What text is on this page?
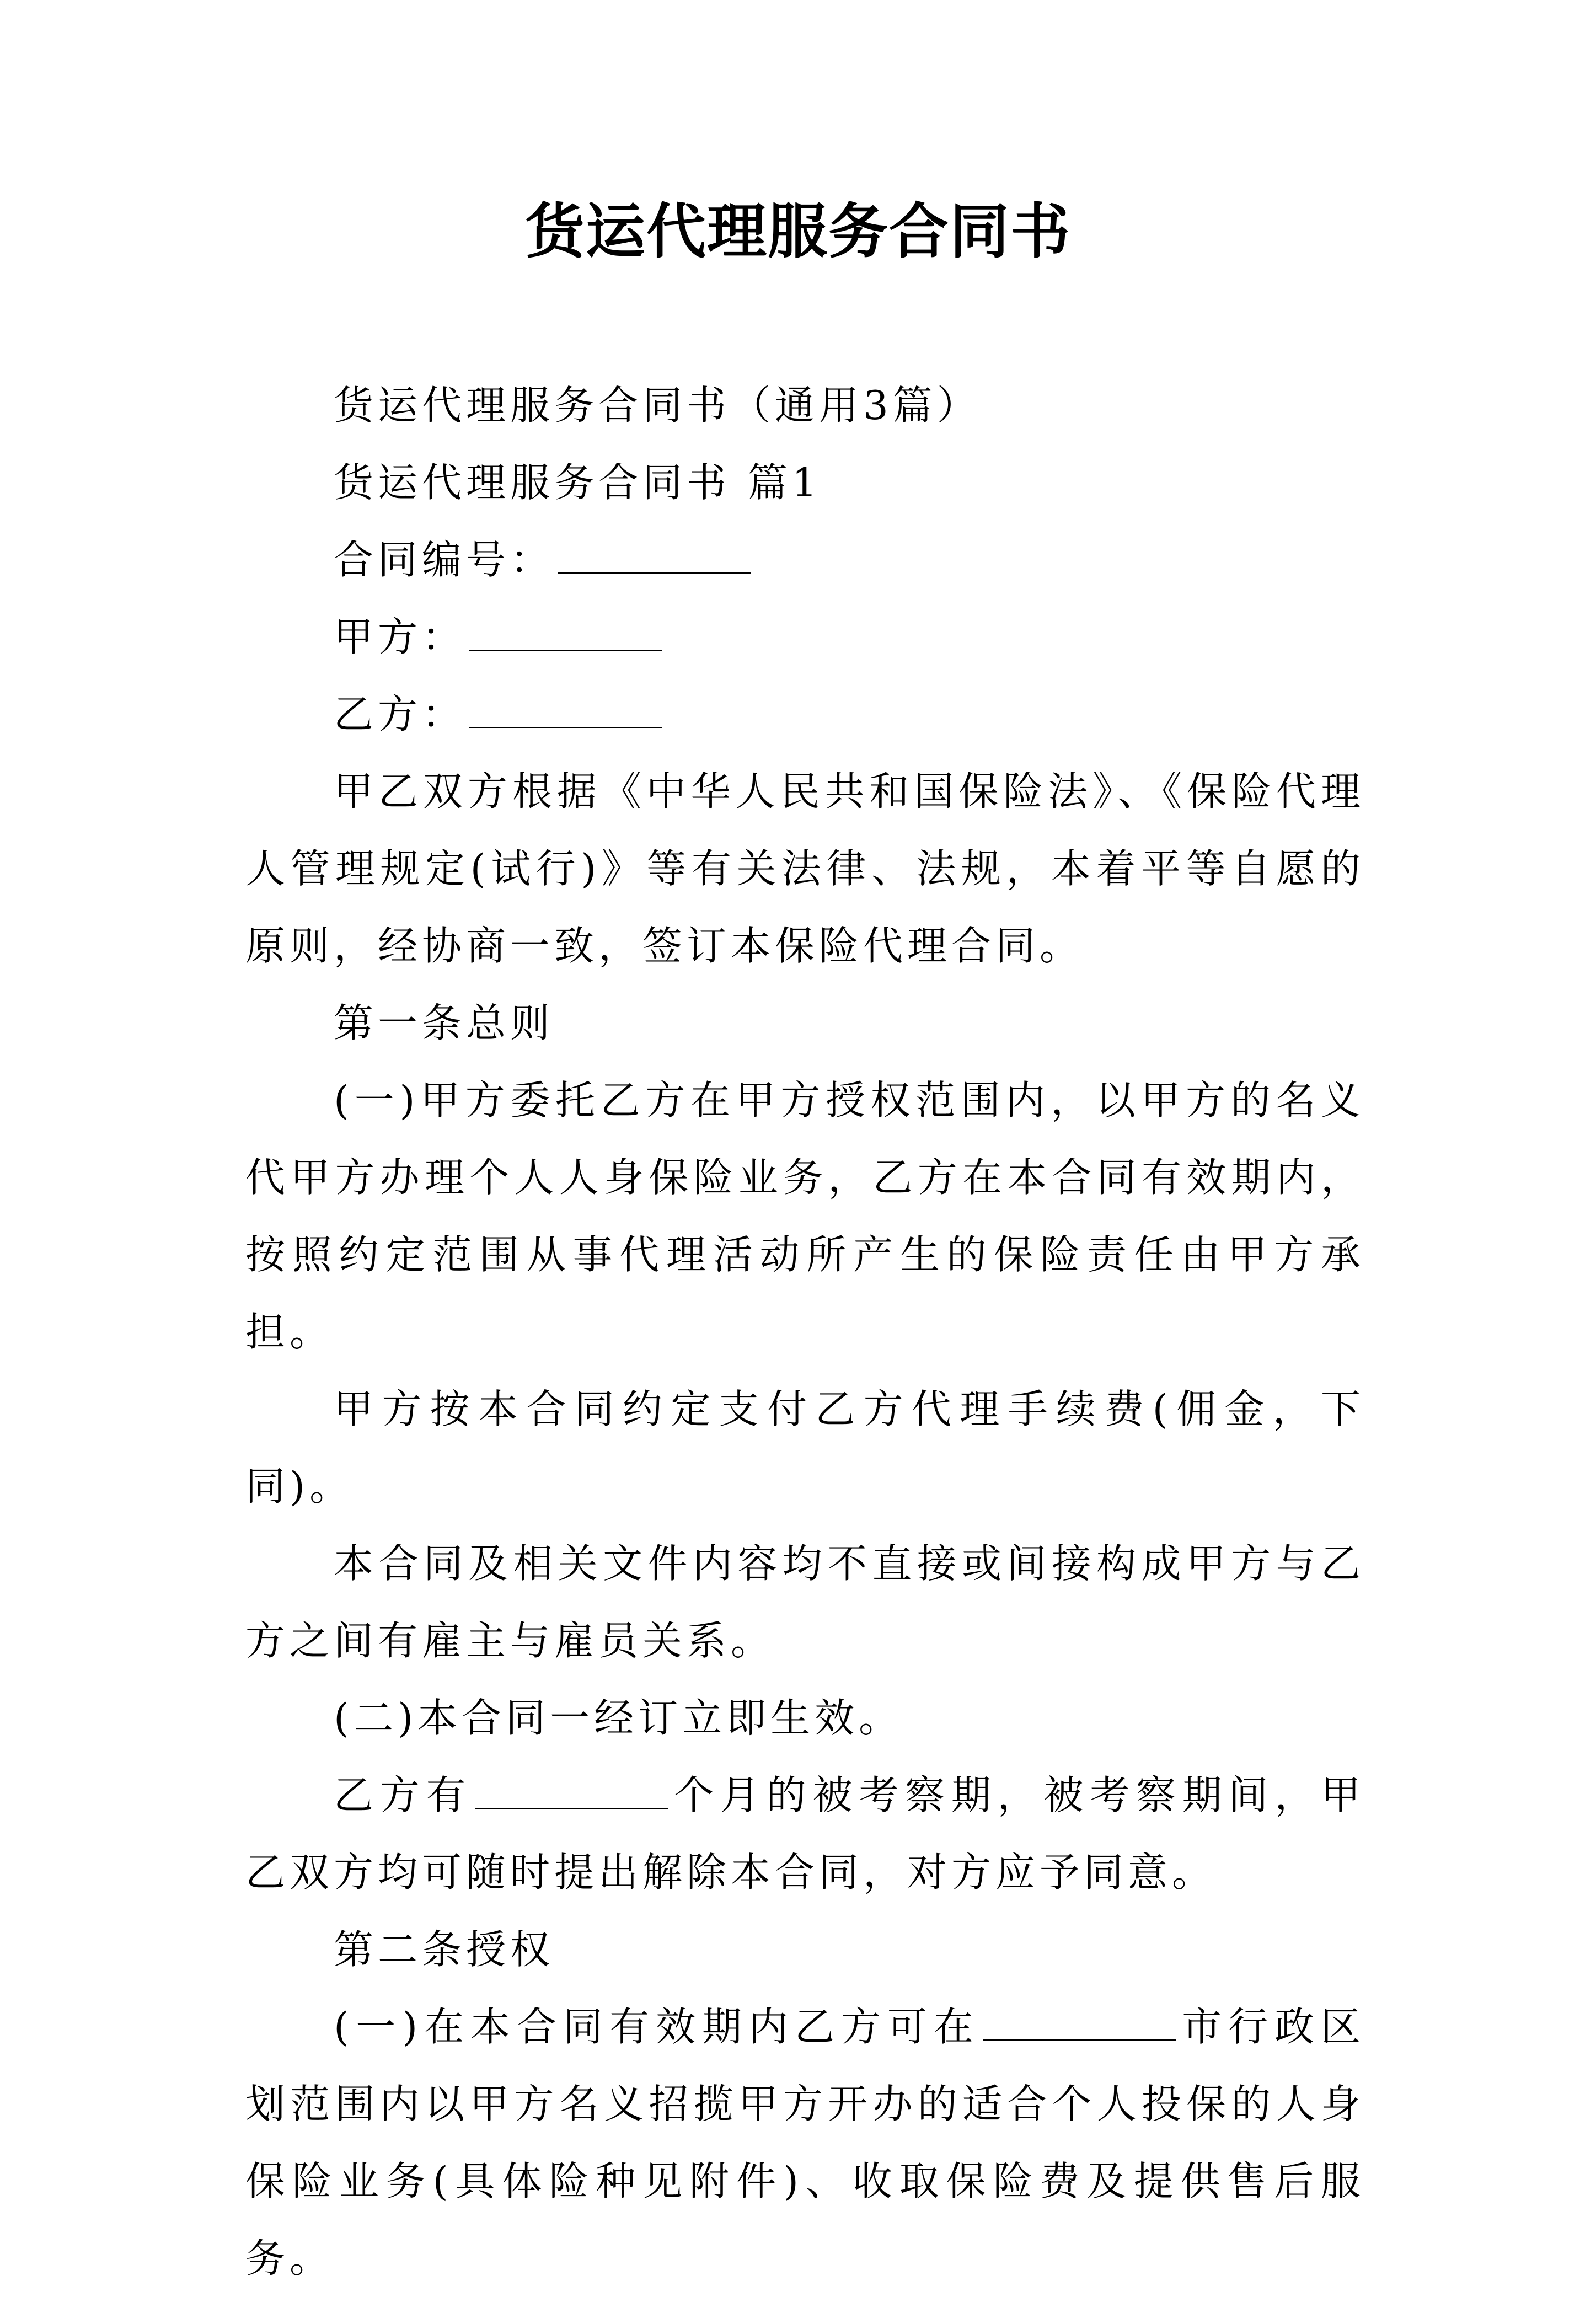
货运代理服务合同书

货运代理服务合同书（通用3篇）

货运代理服务合同书 篇1

合同编号：

甲方：

乙方：

甲乙双方根据《中华人民共和国保险法》、《保险代理人管理规定(试行)》等有关法律、法规，本着平等自愿的原则，经协商一致，签订本保险代理合同。

第一条总则

(一)甲方委托乙方在甲方授权范围内，以甲方的名义代甲方办理个人人身保险业务，乙方在本合同有效期内，按照约定范围从事代理活动所产生的保险责任由甲方承担。

甲方按本合同约定支付乙方代理手续费(佣金，下同)。

本合同及相关文件内容均不直接或间接构成甲方与乙方之间有雇主与雇员关系。

(二)本合同一经订立即生效。

乙方有	个月的被考察期，被考察期间，甲乙双方均可随时提出解除本合同，对方应予同意。

第二条授权

(一)在本合同有效期内乙方可在	市行政区划范围内以甲方名义招揽甲方开办的适合个人投保的人身保险业务(具体险种见附件)、收取保险费及提供售后服务。
